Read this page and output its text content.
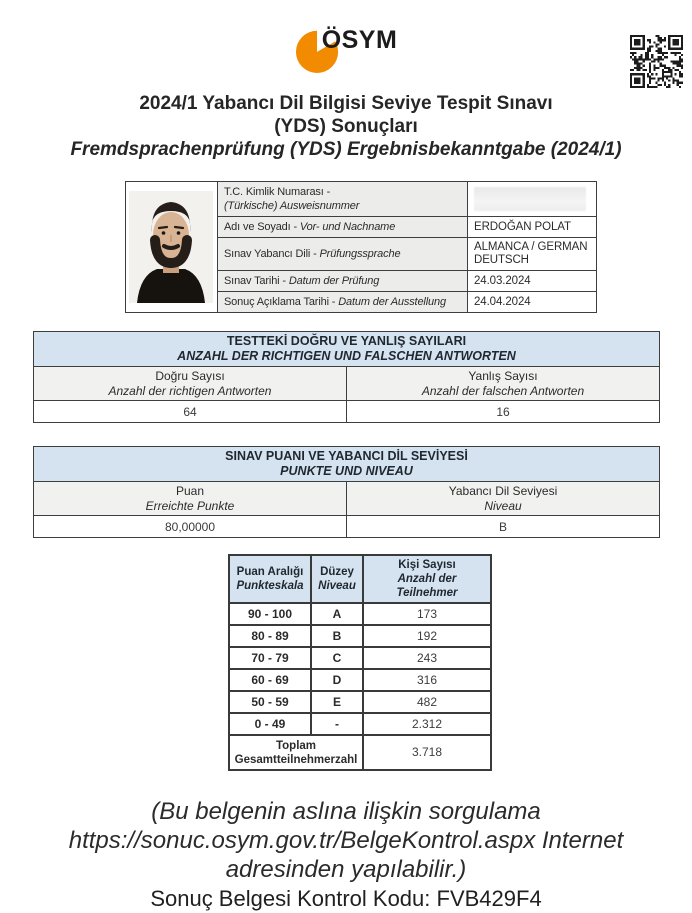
ÖSYM
2024/1 Yabancı Dil Bilgisi Seviye Tespit Sınavı
(YDS) Sonuçları
Fremdsprachenprüfung (YDS) Ergebnisbekanntgabe (2024/1)
	T.C. Kimlik Numarası - (Türkische) Ausweisnummer	

	Adı ve Soyadı - Vor- und Nachname	ERDOĞAN POLAT
	Sınav Yabancı Dili - Prüfungssprache	ALMANCA / GERMAN DEUTSCH
	Sınav Tarihi - Datum der Prüfung	24.03.2024
	Sonuç Açıklama Tarihi - Datum der Ausstellung	24.04.2024
TESTTEKİ DOĞRU VE YANLIŞ SAYILARI
ANZAHL DER RICHTIGEN UND FALSCHEN ANTWORTEN	

Doğru Sayısı
Anzahl der richtigen Antworten

Yanlış Sayısı
Anzahl der falschen Antworten

64	16
SINAV PUANI VE YABANCI DİL SEVİYESİ
PUNKTE UND NIVEAU	

Puan
Erreichte Punkte

Yabancı Dil Seviyesi
Niveau

80,00000	B
Puan Aralığı
Punkteskala

Düzey
Niveau

Kişi Sayısı
Anzahl der Teilnehmer

90 - 100	A	173
80 - 89	B	192
70 - 79	C	243
60 - 69	D	316
50 - 59	E	482
0 - 49	-	2.312

Toplam
Gesamtteilnehmerzahl		3.718

(Bu belgenin aslına ilişkin sorgulama https://sonuc.osym.gov.tr/BelgeKontrol.aspx Internet adresinden yapılabilir.)

Sonuç Belgesi Kontrol Kodu: FVB429F4
